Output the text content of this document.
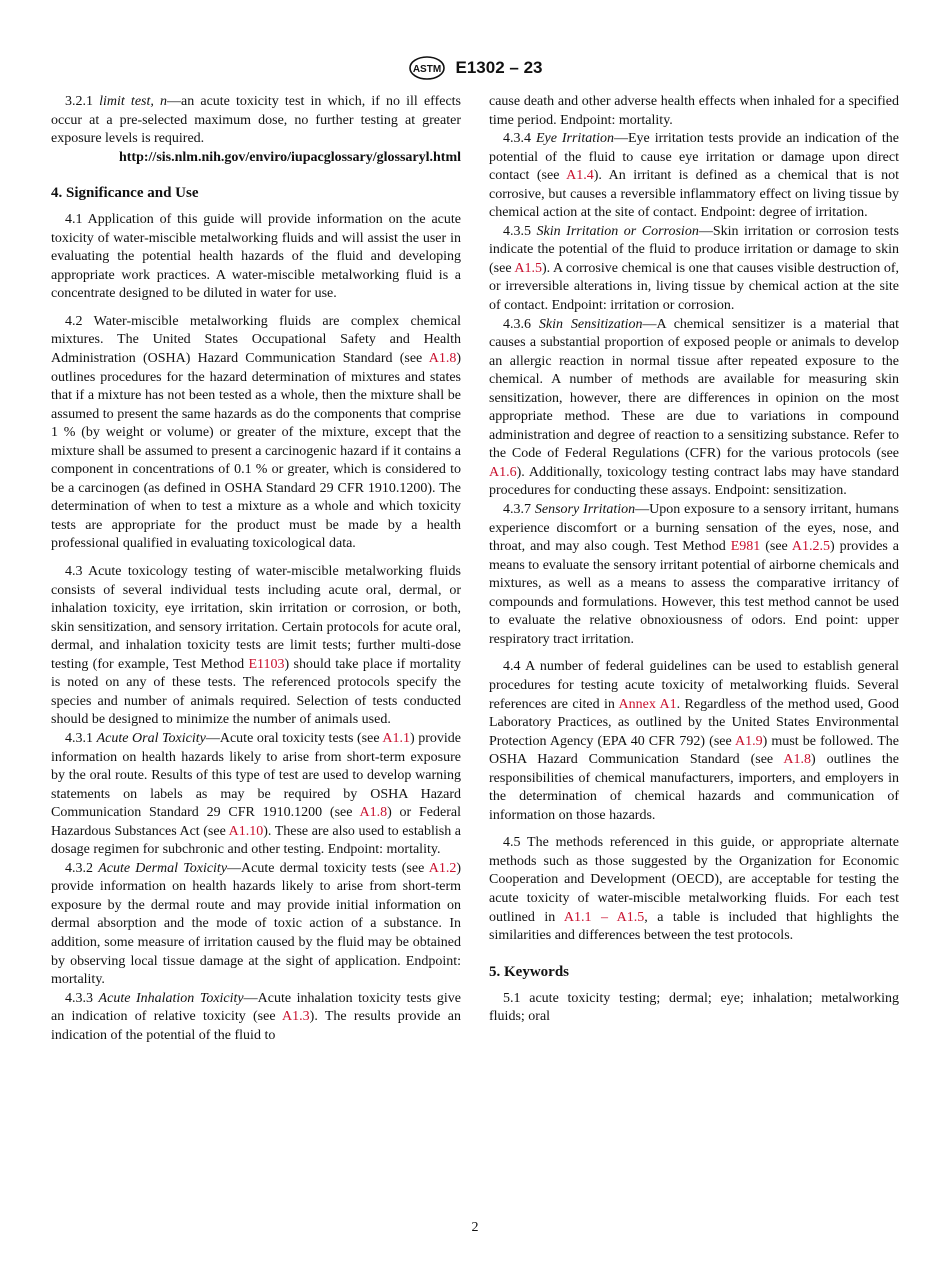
ASTM E1302 – 23

3.2.1 limit test, n—an acute toxicity test in which, if no ill effects occur at a pre-selected maximum dose, no further testing at greater exposure levels is required.
http://sis.nlm.nih.gov/enviro/iupacglossary/glossaryl.html

4. Significance and Use

4.1 Application of this guide will provide information on the acute toxicity of water-miscible metalworking fluids and will assist the user in evaluating the potential health hazards of the fluid and developing appropriate work practices. A water-miscible metalworking fluid is a concentrate designed to be diluted in water for use.

4.2 Water-miscible metalworking fluids are complex chemical mixtures. The United States Occupational Safety and Health Administration (OSHA) Hazard Communication Standard (see A1.8) outlines procedures for the hazard determination of mixtures and states that if a mixture has not been tested as a whole, then the mixture shall be assumed to present the same hazards as do the components that comprise 1 % (by weight or volume) or greater of the mixture, except that the mixture shall be assumed to present a carcinogenic hazard if it contains a component in concentrations of 0.1 % or greater, which is considered to be a carcinogen (as defined in OSHA Standard 29 CFR 1910.1200). The determination of when to test a mixture as a whole and which toxicity tests are appropriate for the product must be made by a health professional qualified in evaluating toxicological data.

4.3 Acute toxicology testing of water-miscible metalworking fluids consists of several individual tests including acute oral, dermal, or inhalation toxicity, eye irritation, skin irritation or corrosion, or both, skin sensitization, and sensory irritation. Certain protocols for acute oral, dermal, and inhalation toxicity tests are limit tests; further multi-dose testing (for example, Test Method E1103) should take place if mortality is noted on any of these tests. The referenced protocols specify the species and number of animals required. Selection of tests conducted should be designed to minimize the number of animals used.

4.3.1 Acute Oral Toxicity—Acute oral toxicity tests (see A1.1) provide information on health hazards likely to arise from short-term exposure by the oral route. Results of this type of test are used to develop warning statements on labels as may be required by OSHA Hazard Communication Standard 29 CFR 1910.1200 (see A1.8) or Federal Hazardous Substances Act (see A1.10). These are also used to establish a dosage regimen for subchronic and other testing. Endpoint: mortality.

4.3.2 Acute Dermal Toxicity—Acute dermal toxicity tests (see A1.2) provide information on health hazards likely to arise from short-term exposure by the dermal route and may provide initial information on dermal absorption and the mode of toxic action of a substance. In addition, some measure of irritation caused by the fluid may be obtained by observing local tissue damage at the sight of application. Endpoint: mortality.

4.3.3 Acute Inhalation Toxicity—Acute inhalation toxicity tests give an indication of relative toxicity (see A1.3). The results provide an indication of the potential of the fluid to

cause death and other adverse health effects when inhaled for a specified time period. Endpoint: mortality.

4.3.4 Eye Irritation—Eye irritation tests provide an indication of the potential of the fluid to cause eye irritation or damage upon direct contact (see A1.4). An irritant is defined as a chemical that is not corrosive, but causes a reversible inflammatory effect on living tissue by chemical action at the site of contact. Endpoint: degree of irritation.

4.3.5 Skin Irritation or Corrosion—Skin irritation or corrosion tests indicate the potential of the fluid to produce irritation or damage to skin (see A1.5). A corrosive chemical is one that causes visible destruction of, or irreversible alterations in, living tissue by chemical action at the site of contact. Endpoint: irritation or corrosion.

4.3.6 Skin Sensitization—A chemical sensitizer is a material that causes a substantial proportion of exposed people or animals to develop an allergic reaction in normal tissue after repeated exposure to the chemical. A number of methods are available for measuring skin sensitization, however, there are differences in opinion on the most appropriate method. These are due to variations in compound administration and degree of reaction to a sensitizing substance. Refer to the Code of Federal Regulations (CFR) for the various protocols (see A1.6). Additionally, toxicology testing contract labs may have standard procedures for conducting these assays. Endpoint: sensitization.

4.3.7 Sensory Irritation—Upon exposure to a sensory irritant, humans experience discomfort or a burning sensation of the eyes, nose, and throat, and may also cough. Test Method E981 (see A1.2.5) provides a means to evaluate the sensory irritant potential of airborne chemicals and mixtures, as well as a means to assess the comparative irritancy of compounds and formulations. However, this test method cannot be used to evaluate the relative obnoxiousness of odors. End point: upper respiratory tract irritation.

4.4 A number of federal guidelines can be used to establish general procedures for testing acute toxicity of metalworking fluids. Several references are cited in Annex A1. Regardless of the method used, Good Laboratory Practices, as outlined by the United States Environmental Protection Agency (EPA 40 CFR 792) (see A1.9) must be followed. The OSHA Hazard Communication Standard (see A1.8) outlines the responsibilities of chemical manufacturers, importers, and employers in the determination of chemical hazards and communication of information on those hazards.

4.5 The methods referenced in this guide, or appropriate alternate methods such as those suggested by the Organization for Economic Cooperation and Development (OECD), are acceptable for testing the acute toxicity of water-miscible metalworking fluids. For each test outlined in A1.1 – A1.5, a table is included that highlights the similarities and differences between the test protocols.

5. Keywords

5.1 acute toxicity testing; dermal; eye; inhalation; metalworking fluids; oral

2
